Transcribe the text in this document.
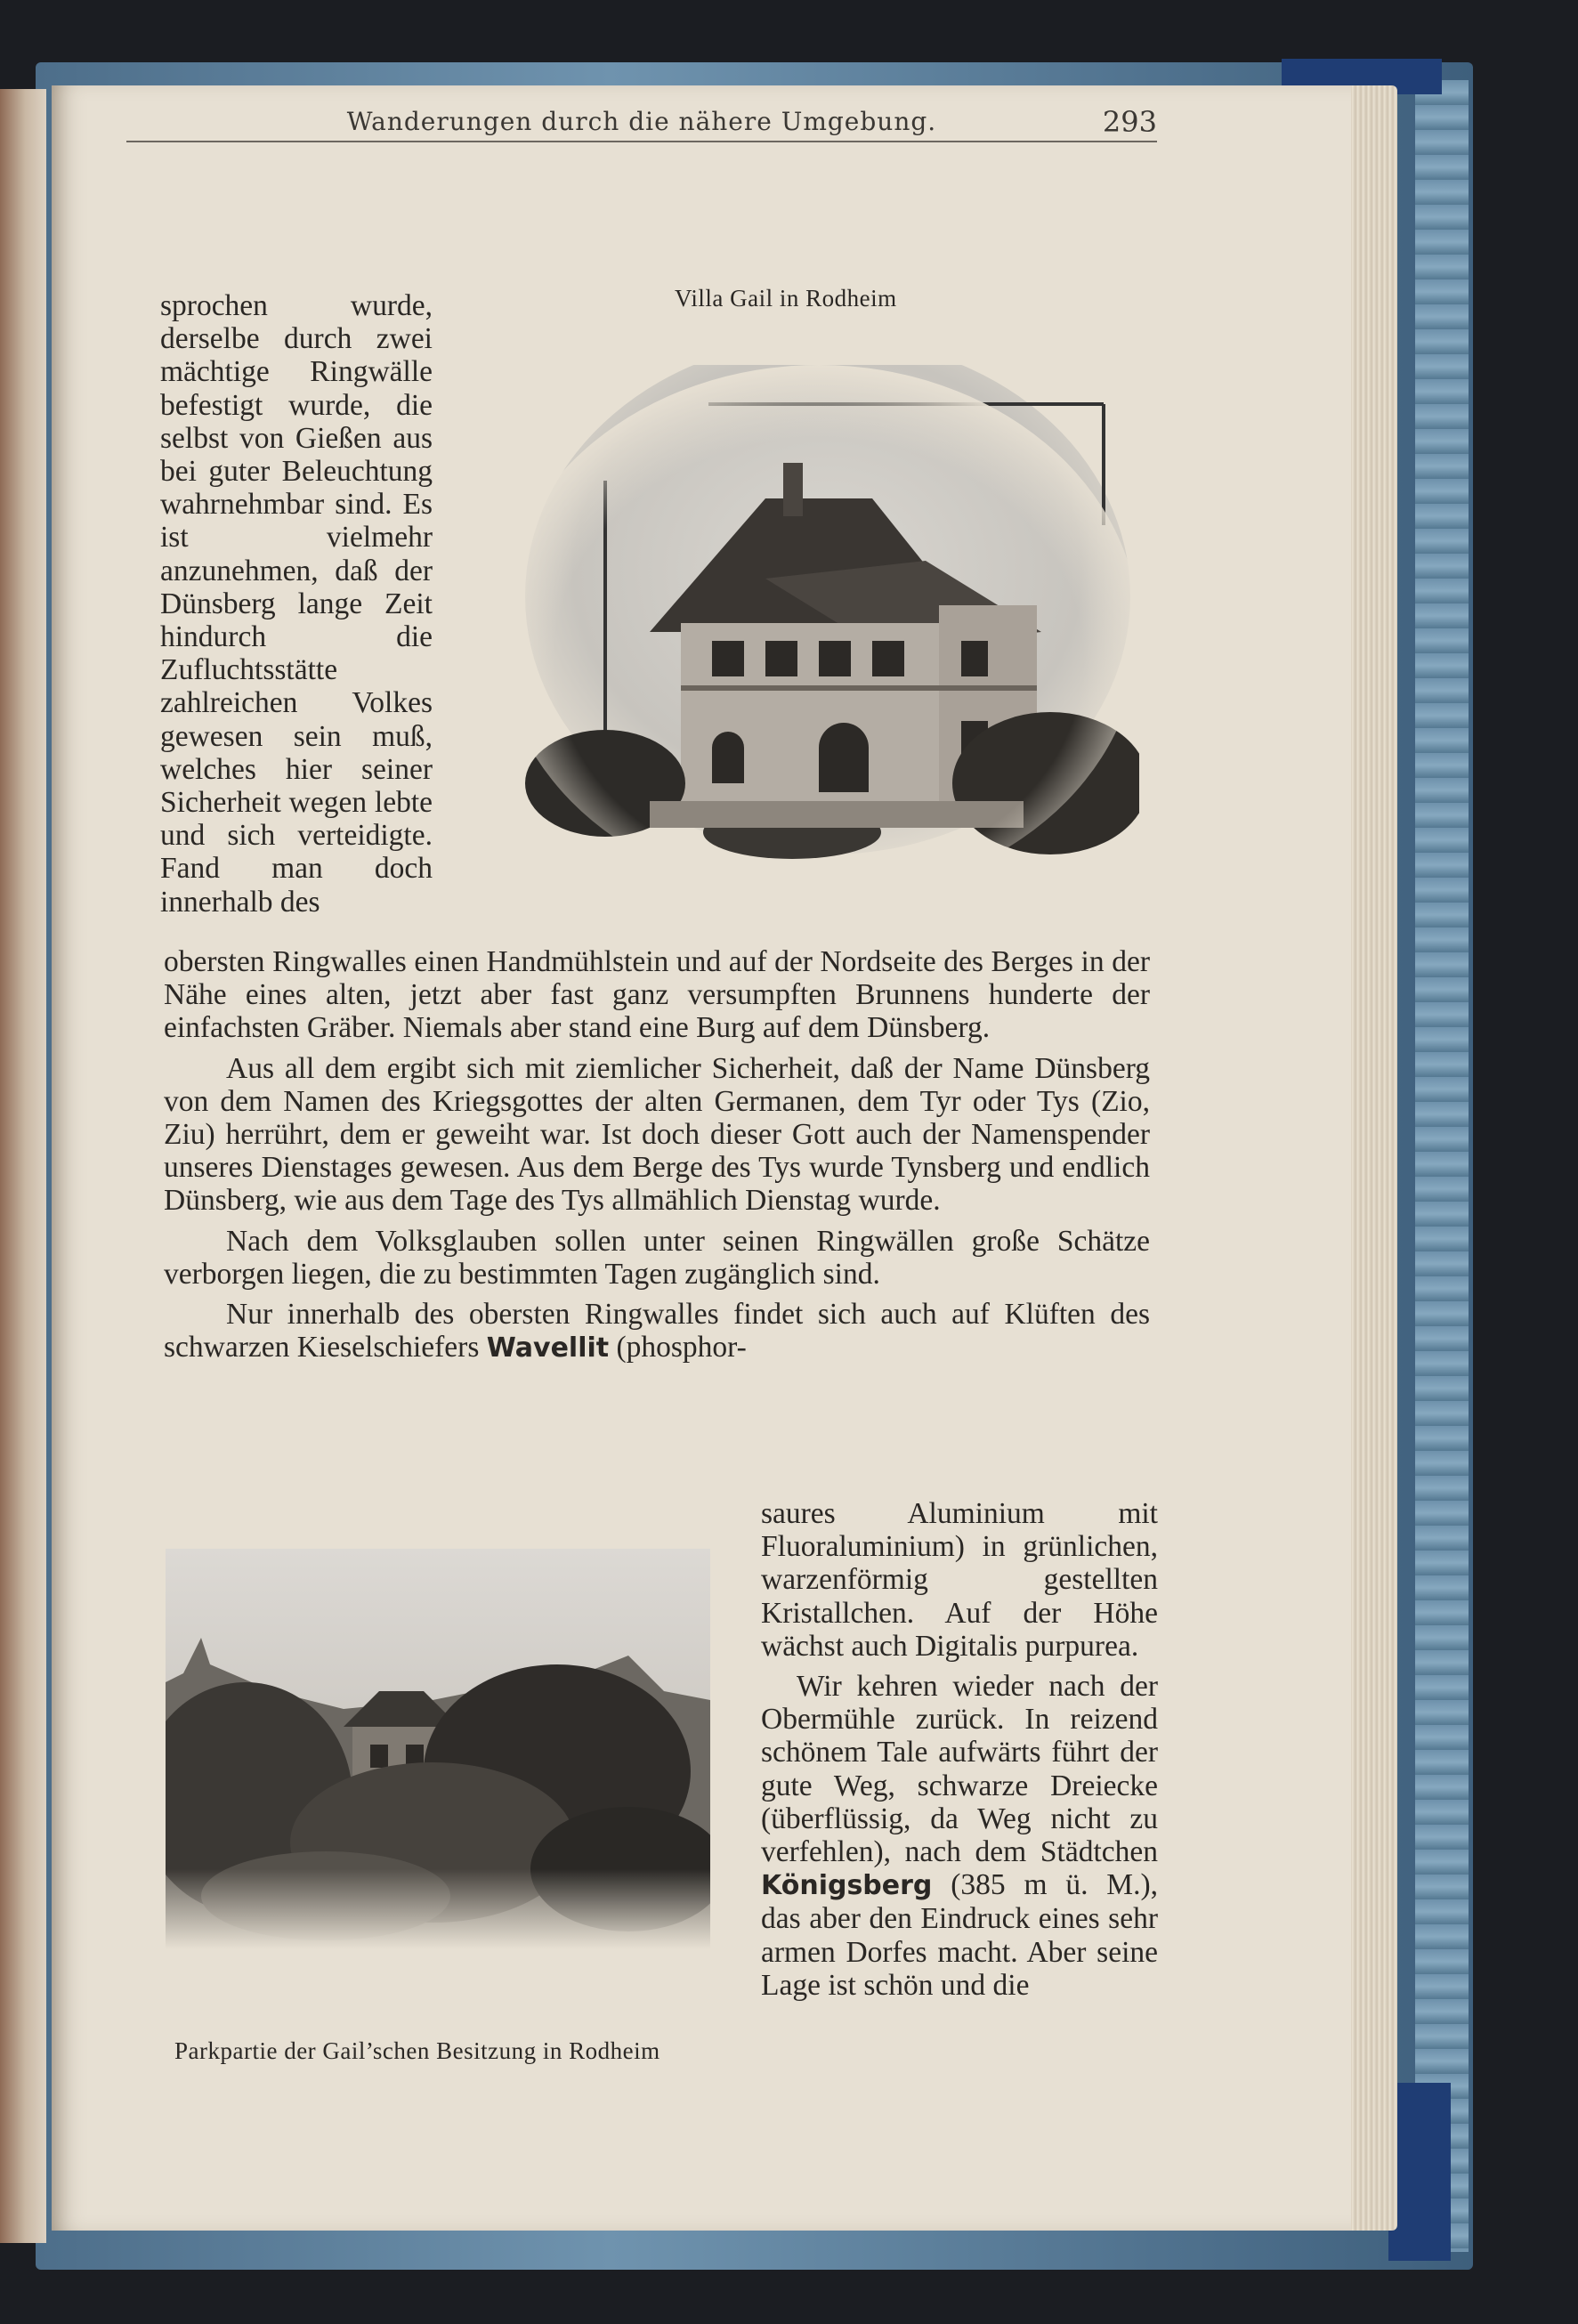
Wanderungen durch die nähere Umgebung.	293
Villa Gail in Rodheim

sprochen wurde, derselbe durch zwei mächtige Ringwälle befestigt wurde, die selbst von Gießen aus bei guter Beleuchtung wahrnehmbar sind. Es ist vielmehr anzunehmen, daß der Dünsberg lange Zeit hindurch die Zufluchtsstätte zahlreichen Volkes gewesen sein muß, welches hier seiner Sicherheit wegen lebte und sich verteidigte. Fand man doch innerhalb des

obersten Ringwalles einen Handmühlstein und auf der Nordseite des Berges in der Nähe eines alten, jetzt aber fast ganz versumpften Brunnens hunderte der einfachsten Gräber. Niemals aber stand eine Burg auf dem Dünsberg.

Aus all dem ergibt sich mit ziemlicher Sicherheit, daß der Name Dünsberg von dem Namen des Kriegsgottes der alten Germanen, dem Tyr oder Tys (Zio, Ziu) herrührt, dem er geweiht war. Ist doch dieser Gott auch der Namenspender unseres Dienstages gewesen. Aus dem Berge des Tys wurde Tynsberg und endlich Dünsberg, wie aus dem Tage des Tys allmählich Dienstag wurde.

Nach dem Volksglauben sollen unter seinen Ringwällen große Schätze verborgen liegen, die zu bestimmten Tagen zugänglich sind.

Nur innerhalb des obersten Ringwalles findet sich auch auf Klüften des schwarzen Kieselschiefers Wavellit (phosphor-

Parkpartie der Gail’schen Besitzung in Rodheim

saures Aluminium mit Fluoraluminium) in grünlichen, warzenförmig gestellten Kristallchen. Auf der Höhe wächst auch Digitalis purpurea.

Wir kehren wieder nach der Obermühle zurück. In reizend schönem Tale aufwärts führt der gute Weg, schwarze Dreiecke (überflüssig, da Weg nicht zu verfehlen), nach dem Städtchen Königsberg (385 m ü. M.), das aber den Eindruck eines sehr armen Dorfes macht. Aber seine Lage ist schön und die
